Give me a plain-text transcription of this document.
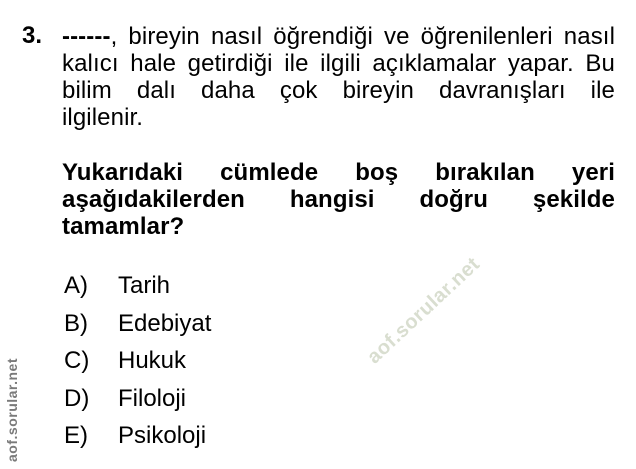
aof.sorular.net
aof.sorular.net
3. ------, bireyin nasıl öğrendiği ve öğrenilenleri nasıl
kalıcı hale getirdiği ile ilgili açıklamalar yapar. Bu
bilim dalı daha çok bireyin davranışları ile
ilgilenir.
Yukarıdaki cümlede boş bırakılan yeri
aşağıdakilerden hangisi doğru şekilde
tamamlar?
A)	Tarih
B)	Edebiyat
C)	Hukuk
D)	Filoloji
E)	Psikoloji
